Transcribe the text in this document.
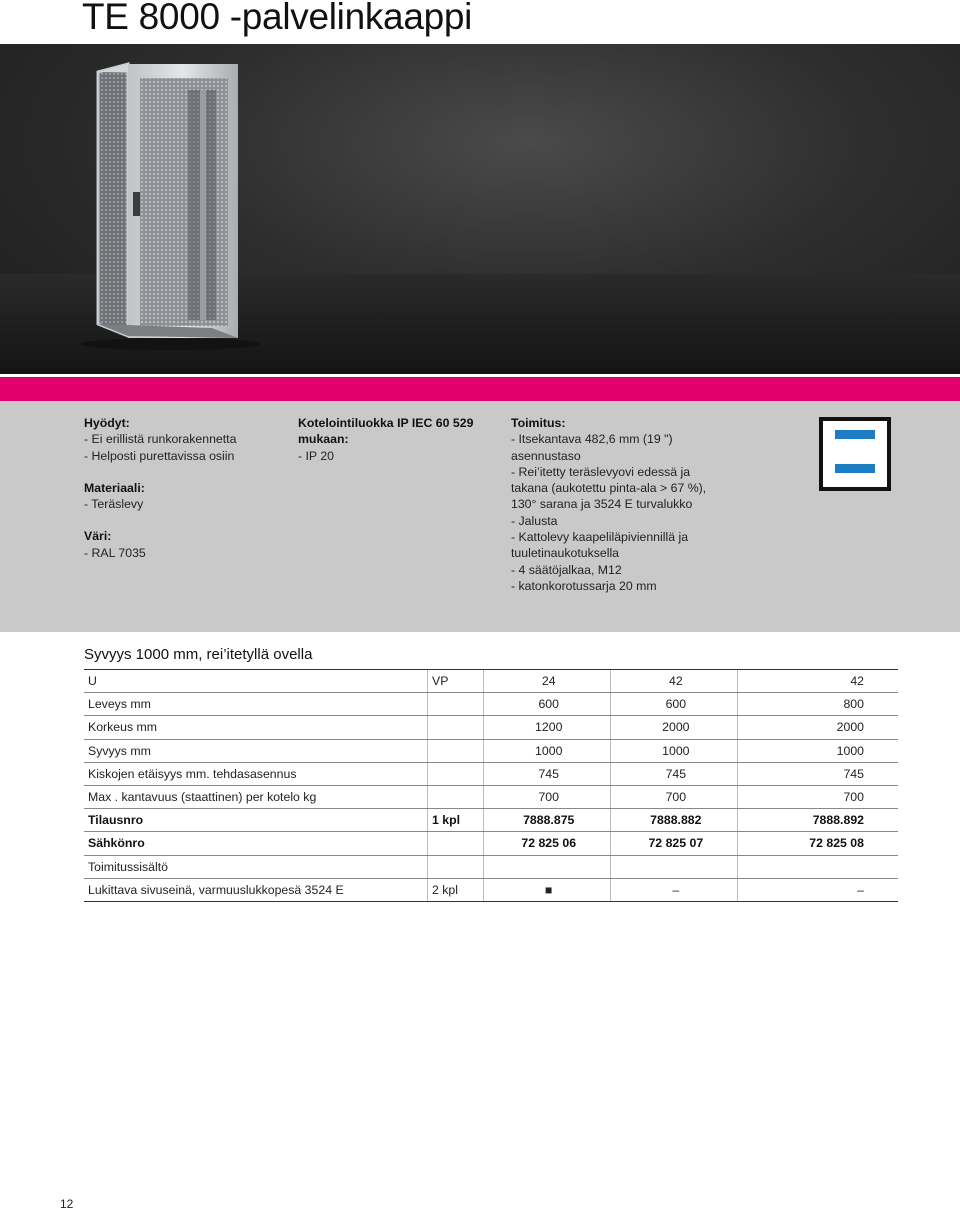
TE 8000 -palvelinkaappi
Hyödyt:
- Ei erillistä runkorakennetta
- Helposti purettavissa osiin
Materiaali:
- Teräslevy
Väri:
- RAL 7035
Kotelointiluokka IP IEC 60 529
mukaan:
- IP 20
Toimitus:
- Itsekantava 482,6 mm (19 ")
asennustaso
- Rei’itetty teräslevyovi edessä ja
takana (aukotettu pinta-ala > 67 %),
130° sarana ja 3524 E turvalukko
- Jalusta
- Kattolevy kaapeliläpiviennillä ja
tuuletinaukotuksella
- 4 säätöjalkaa, M12
- katonkorotussarja 20 mm
Syvyys 1000 mm, rei’itetyllä ovella
U	VP	24	42	42
Leveys mm		600	600	800
Korkeus mm		1200	2000	2000
Syvyys mm		1000	1000	1000
Kiskojen etäisyys mm. tehdasasennus		745	745	745
Max . kantavuus (staattinen) per kotelo kg		700	700	700
Tilausnro	1 kpl	7888.875	7888.882	7888.892
Sähkönro		72 825 06	72 825 07	72 825 08
Toimitussisältö				
Lukittava sivuseinä, varmuuslukkopesä 3524 E	2 kpl	■	–	–
12
